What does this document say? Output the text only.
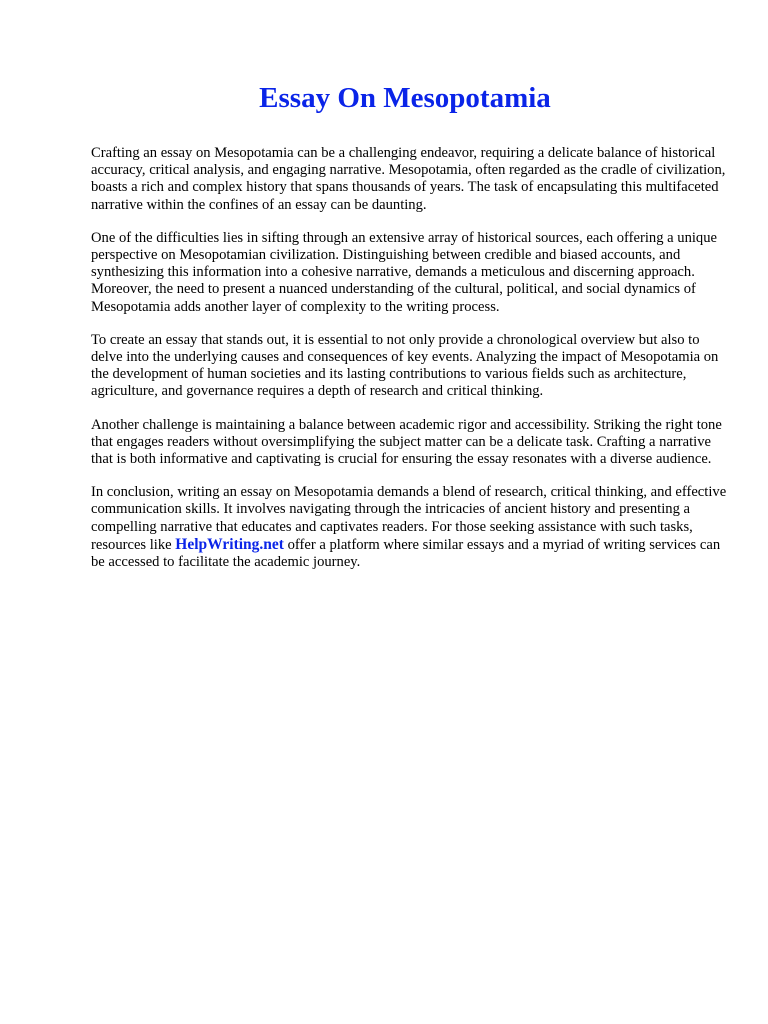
Essay On Mesopotamia

Crafting an essay on Mesopotamia can be a challenging endeavor, requiring a delicate balance of historical accuracy, critical analysis, and engaging narrative. Mesopotamia, often regarded as the cradle of civilization, boasts a rich and complex history that spans thousands of years. The task of encapsulating this multifaceted narrative within the confines of an essay can be daunting.

One of the difficulties lies in sifting through an extensive array of historical sources, each offering a unique perspective on Mesopotamian civilization. Distinguishing between credible and biased accounts, and synthesizing this information into a cohesive narrative, demands a meticulous and discerning approach. Moreover, the need to present a nuanced understanding of the cultural, political, and social dynamics of Mesopotamia adds another layer of complexity to the writing process.

To create an essay that stands out, it is essential to not only provide a chronological overview but also to delve into the underlying causes and consequences of key events. Analyzing the impact of Mesopotamia on the development of human societies and its lasting contributions to various fields such as architecture, agriculture, and governance requires a depth of research and critical thinking.

Another challenge is maintaining a balance between academic rigor and accessibility. Striking the right tone that engages readers without oversimplifying the subject matter can be a delicate task. Crafting a narrative that is both informative and captivating is crucial for ensuring the essay resonates with a diverse audience.

In conclusion, writing an essay on Mesopotamia demands a blend of research, critical thinking, and effective communication skills. It involves navigating through the intricacies of ancient history and presenting a compelling narrative that educates and captivates readers. For those seeking assistance with such tasks, resources like HelpWriting.net offer a platform where similar essays and a myriad of writing services can be accessed to facilitate the academic journey.
